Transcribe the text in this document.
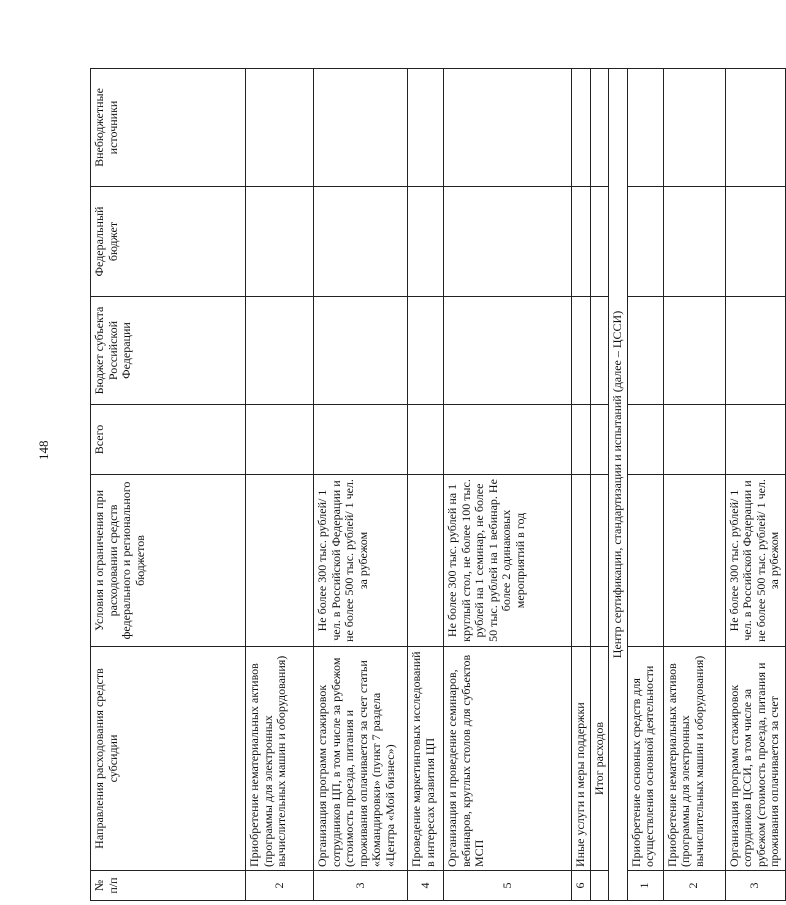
148
№ п/п	Направления расходования средств субсидии	Условия и ограничения при расходовании средств федерального и регионального бюджетов	Всего	Бюджет субъекта Российской Федерации	Федеральный бюджет	Внебюджетные источники
2	Приобретение нематериальных активов (программы для электронных вычислительных машин и оборудования)					
3	Организация программ стажировок сотрудников ЦП, в том числе за рубежом (стоимость проезда, питания и проживания оплачивается за счет статьи «Командировки» (пункт 7 раздела «Центра «Мой бизнес»)	Не более 300 тыс. рублей/ 1 чел. в Российской Федерации и не более 500 тыс. рублей/ 1 чел. за рубежом				
4	Проведение маркетинговых исследований в интересах развития ЦП					
5	Организация и проведение семинаров, вебинаров, круглых столов для субъектов МСП	Не более 300 тыс. рублей на 1 круглый стол, не более 100 тыс. рублей на 1 семинар, не более 50 тыс. рублей на 1 вебинар. Не более 2 одинаковых мероприятий в год				
6	Иные услуги и меры поддержки					
	Итог расходов					
Центр сертификации, стандартизации и испытаний (далее – ЦССИ)						
1	Приобретение основных средств для осуществления основной деятельности					
2	Приобретение нематериальных активов (программы для электронных вычислительных машин и оборудования)					
3	Организация программ стажировок сотрудников ЦССИ, в том числе за рубежом (стоимость проезда, питания и проживания оплачивается за счет	Не более 300 тыс. рублей/ 1 чел. в Российской Федерации и не более 500 тыс. рублей/ 1 чел. за рубежом				
